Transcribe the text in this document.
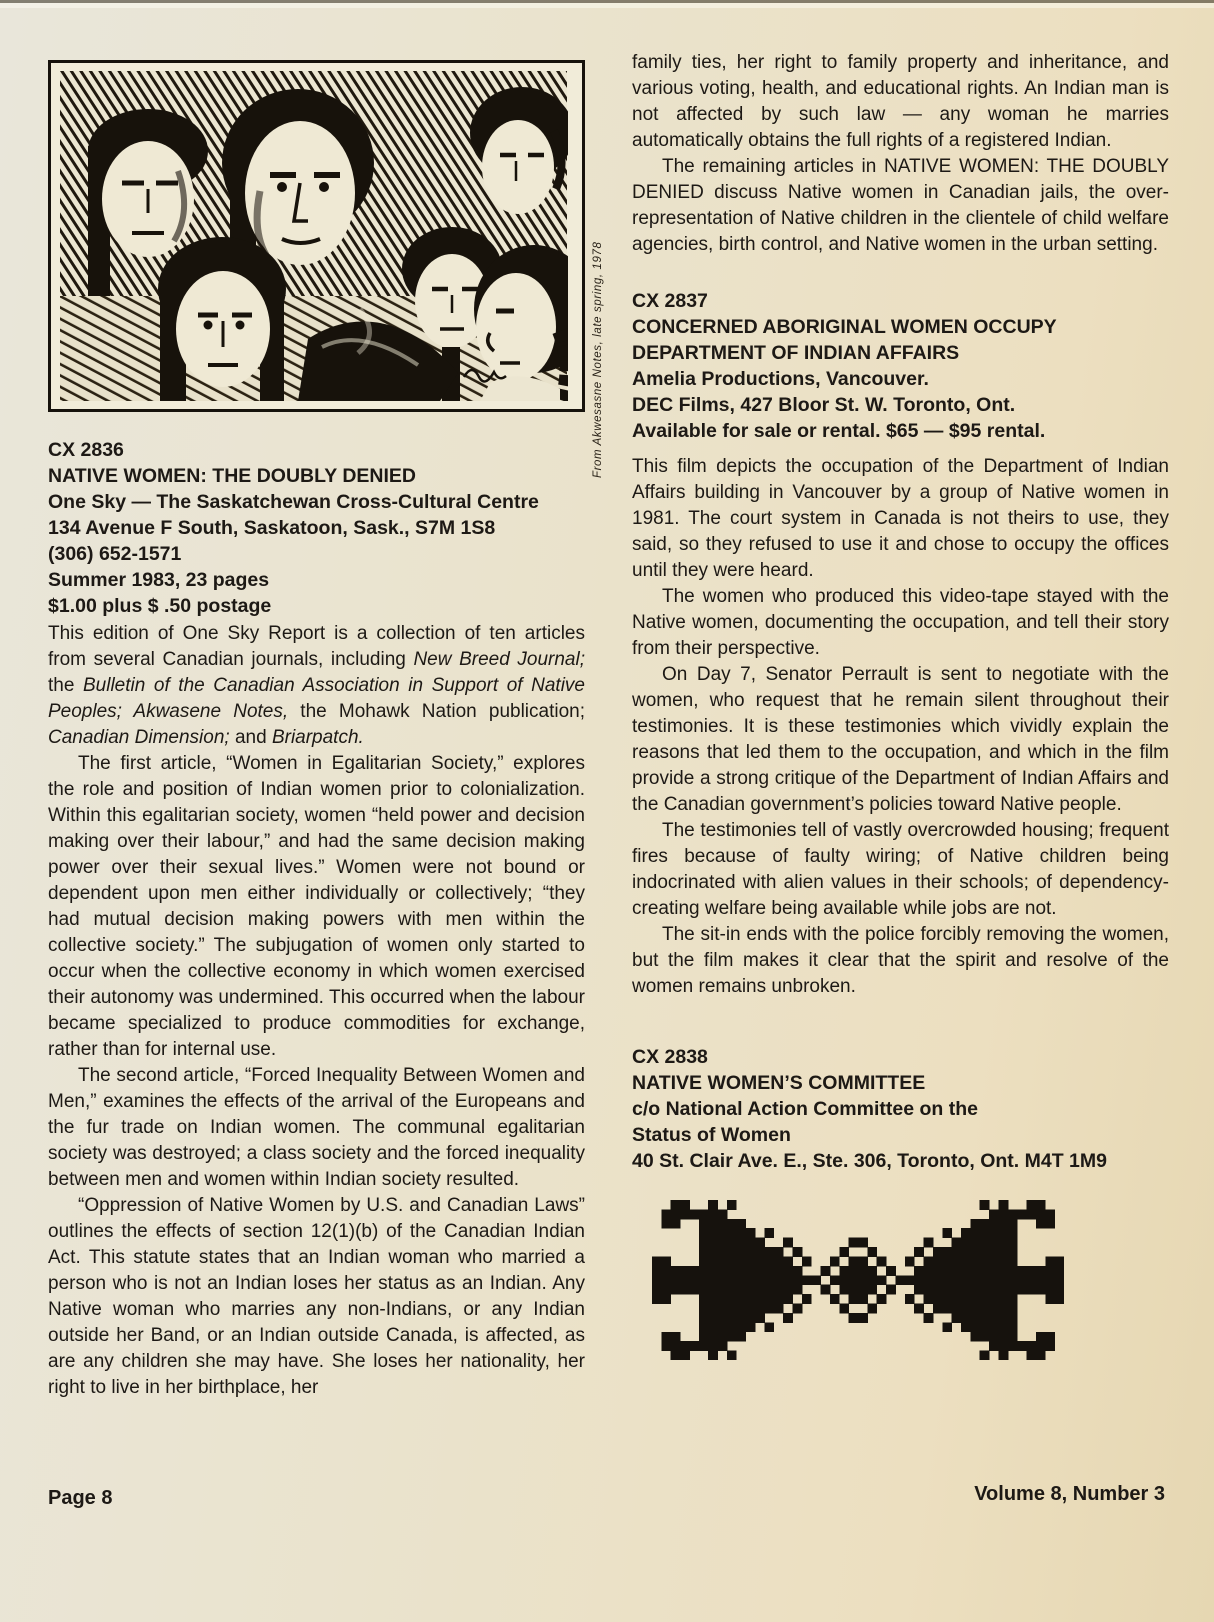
From Akwesasne Notes, late spring, 1978
CX 2836
NATIVE WOMEN: THE DOUBLY DENIED
One Sky — The Saskatchewan Cross-Cultural Centre
134 Avenue F South, Saskatoon, Sask., S7M 1S8
(306) 652-1571
Summer 1983, 23 pages
$1.00 plus $ .50 postage

This edition of One Sky Report is a collection of ten articles from several Canadian journals, including New Breed Journal; the Bulletin of the Canadian Association in Support of Native Peoples; Akwasene Notes, the Mohawk Nation publication; Canadian Dimension; and Briarpatch.

The first article, “Women in Egalitarian Society,” explores the role and position of Indian women prior to colonialization. Within this egalitarian society, women “held power and decision making over their labour,” and had the same decision making power over their sexual lives.” Women were not bound or dependent upon men either individually or collectively; “they had mutual decision making powers with men within the collective society.” The subjugation of women only started to occur when the collective economy in which women exercised their autonomy was undermined. This occurred when the labour became specialized to produce commodities for exchange, rather than for internal use.

The second article, “Forced Inequality Between Women and Men,” examines the effects of the arrival of the Europeans and the fur trade on Indian women. The communal egalitarian society was destroyed; a class society and the forced inequality between men and women within Indian society resulted.

“Oppression of Native Women by U.S. and Canadian Laws” outlines the effects of section 12(1)(b) of the Canadian Indian Act. This statute states that an Indian woman who married a person who is not an Indian loses her status as an Indian. Any Native woman who marries any non-Indians, or any Indian outside her Band, or an Indian outside Canada, is affected, as are any children she may have. She loses her nationality, her right to live in her birthplace, her

family ties, her right to family property and inheritance, and various voting, health, and educational rights. An Indian man is not affected by such law — any woman he marries automatically obtains the full rights of a registered Indian.

The remaining articles in NATIVE WOMEN: THE DOUBLY DENIED discuss Native women in Canadian jails, the over-representation of Native children in the clientele of child welfare agencies, birth control, and Native women in the urban setting.

CX 2837
CONCERNED ABORIGINAL WOMEN OCCUPY
DEPARTMENT OF INDIAN AFFAIRS
Amelia Productions, Vancouver.
DEC Films, 427 Bloor St. W. Toronto, Ont.
Available for sale or rental. $65 — $95 rental.

This film depicts the occupation of the Department of Indian Affairs building in Vancouver by a group of Native women in 1981. The court system in Canada is not theirs to use, they said, so they refused to use it and chose to occupy the offices until they were heard.

The women who produced this video-tape stayed with the Native women, documenting the occupation, and tell their story from their perspective.

On Day 7, Senator Perrault is sent to negotiate with the women, who request that he remain silent throughout their testimonies. It is these testimonies which vividly explain the reasons that led them to the occupation, and which in the film provide a strong critique of the Department of Indian Affairs and the Canadian government’s policies toward Native people.

The testimonies tell of vastly overcrowded housing; frequent fires because of faulty wiring; of Native children being indocrinated with alien values in their schools; of dependency-creating welfare being available while jobs are not.

The sit-in ends with the police forcibly removing the women, but the film makes it clear that the spirit and resolve of the women remains unbroken.

CX 2838
NATIVE WOMEN’S COMMITTEE
c/o National Action Committee on the
Status of Women
40 St. Clair Ave. E., Ste. 306, Toronto, Ont. M4T 1M9
Page 8	Volume 8, Number 3
